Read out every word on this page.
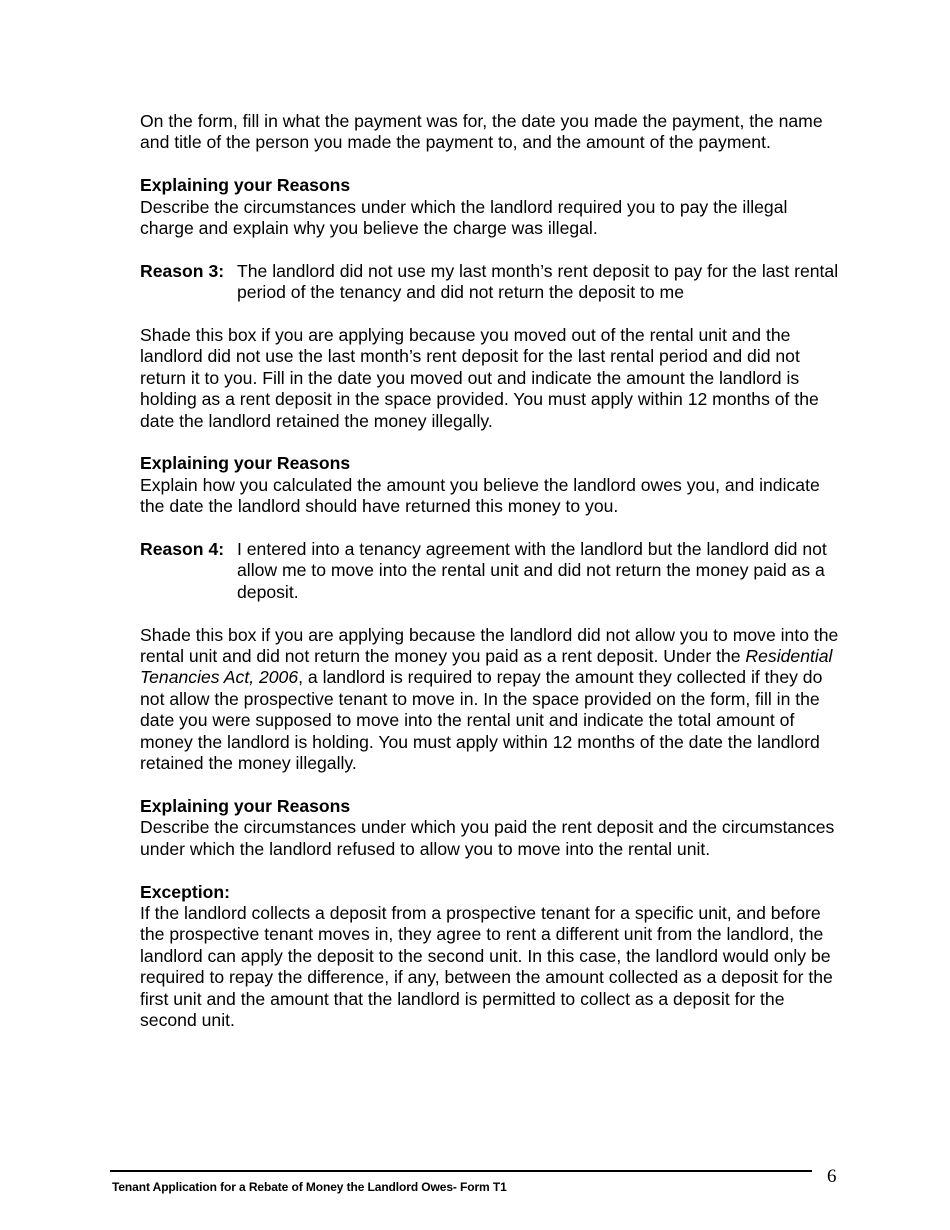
On the form, fill in what the payment was for, the date you made the payment, the name and title of the person you made the payment to, and the amount of the payment.

Explaining your Reasons

Describe the circumstances under which the landlord required you to pay the illegal charge and explain why you believe the charge was illegal.

Reason 3: The landlord did not use my last month’s rent deposit to pay for the last rental period of the tenancy and did not return the deposit to me

Shade this box if you are applying because you moved out of the rental unit and the landlord did not use the last month’s rent deposit for the last rental period and did not return it to you. Fill in the date you moved out and indicate the amount the landlord is holding as a rent deposit in the space provided. You must apply within 12 months of the date the landlord retained the money illegally.

Explaining your Reasons

Explain how you calculated the amount you believe the landlord owes you, and indicate the date the landlord should have returned this money to you.

Reason 4: I entered into a tenancy agreement with the landlord but the landlord did not allow me to move into the rental unit and did not return the money paid as a deposit.

Shade this box if you are applying because the landlord did not allow you to move into the rental unit and did not return the money you paid as a rent deposit. Under the Residential Tenancies Act, 2006, a landlord is required to repay the amount they collected if they do not allow the prospective tenant to move in. In the space provided on the form, fill in the date you were supposed to move into the rental unit and indicate the total amount of money the landlord is holding. You must apply within 12 months of the date the landlord retained the money illegally.

Explaining your Reasons

Describe the circumstances under which you paid the rent deposit and the circumstances under which the landlord refused to allow you to move into the rental unit.

Exception:

If the landlord collects a deposit from a prospective tenant for a specific unit, and before the prospective tenant moves in, they agree to rent a different unit from the landlord, the landlord can apply the deposit to the second unit. In this case, the landlord would only be required to repay the difference, if any, between the amount collected as a deposit for the first unit and the amount that the landlord is permitted to collect as a deposit for the second unit.

Tenant Application for a Rebate of Money the Landlord Owes- Form T1	6
